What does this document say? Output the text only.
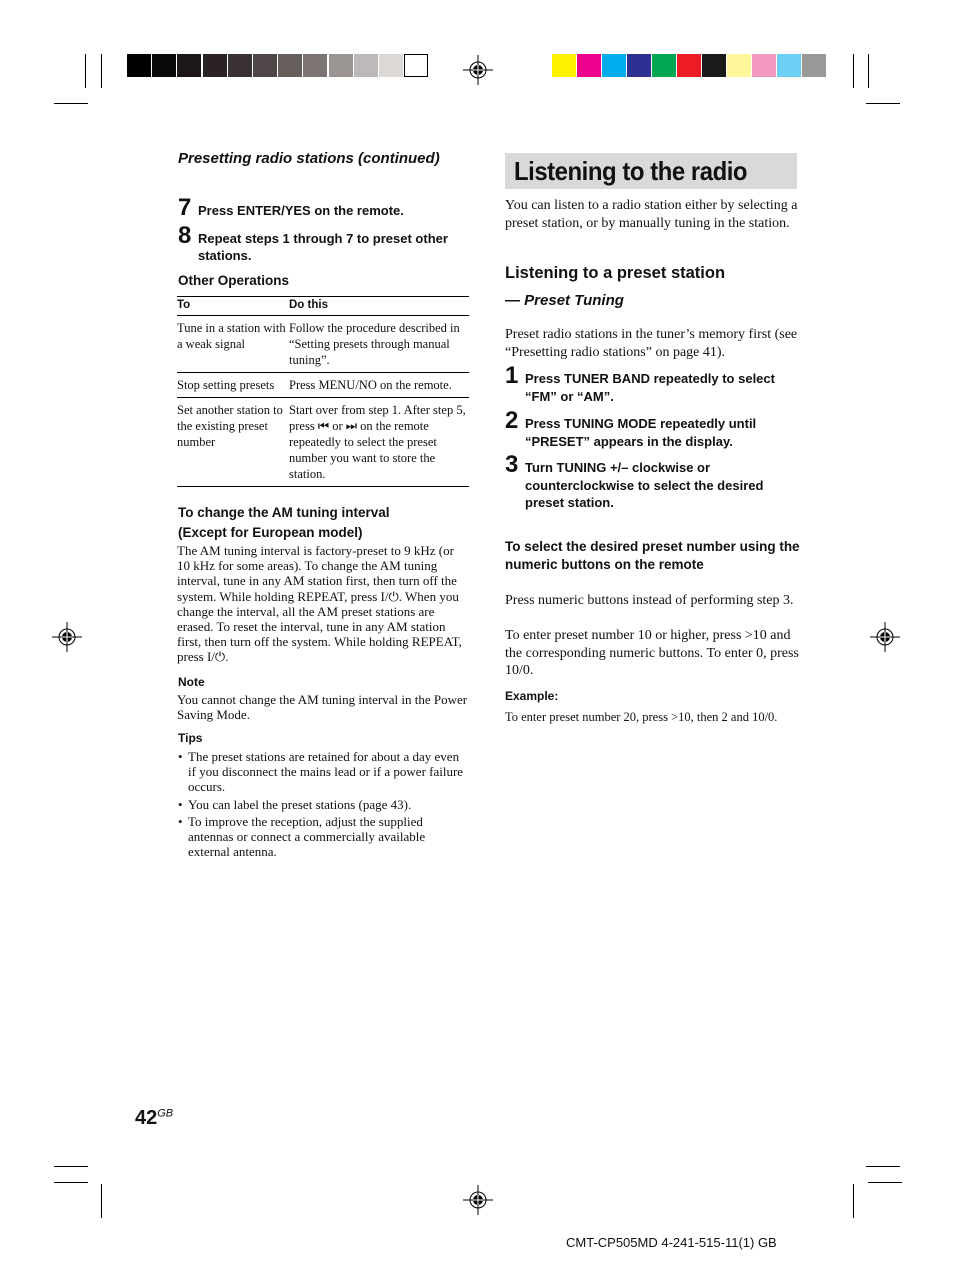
Presetting radio stations (continued)
7 Press ENTER/YES on the remote.
8 Repeat steps 1 through 7 to preset other stations.
Other Operations
To	Do this
Tune in a station with a weak signal	Follow the procedure described in “Setting presets through manual tuning”.
Stop setting presets	Press MENU/NO on the remote.
Set another station to the existing preset number	Start over from step 1. After step 5, press ⏮ or ⏭ on the remote repeatedly to select the preset number you want to store the station.
To change the AM tuning interval
(Except for European model)
The AM tuning interval is factory-preset to 9 kHz (or 10 kHz for some areas). To change the AM tuning interval, tune in any AM station first, then turn off the system. While holding REPEAT, press I/⏻. When you change the interval, all the AM preset stations are erased. To reset the interval, tune in any AM station first, then turn off the system. While holding REPEAT, press I/⏻.
Note
You cannot change the AM tuning interval in the Power Saving Mode.
Tips
• The preset stations are retained for about a day even if you disconnect the mains lead or if a power failure occurs.
• You can label the preset stations (page 43).
• To improve the reception, adjust the supplied antennas or connect a commercially available external antenna.
Listening to the radio
You can listen to a radio station either by selecting a preset station, or by manually tuning in the station.
Listening to a preset station
— Preset Tuning
Preset radio stations in the tuner’s memory first (see “Presetting radio stations” on page 41).
1 Press TUNER BAND repeatedly to select “FM” or “AM”.
2 Press TUNING MODE repeatedly until “PRESET” appears in the display.
3 Turn TUNING +/– clockwise or counterclockwise to select the desired preset station.
To select the desired preset number using the numeric buttons on the remote
Press numeric buttons instead of performing step 3.
To enter preset number 10 or higher, press >10 and the corresponding numeric buttons. To enter 0, press 10/0.
Example:
To enter preset number 20, press >10, then 2 and 10/0.
$42^{GB}$
CMT-CP505MD 4-241-515-11(1) GB
